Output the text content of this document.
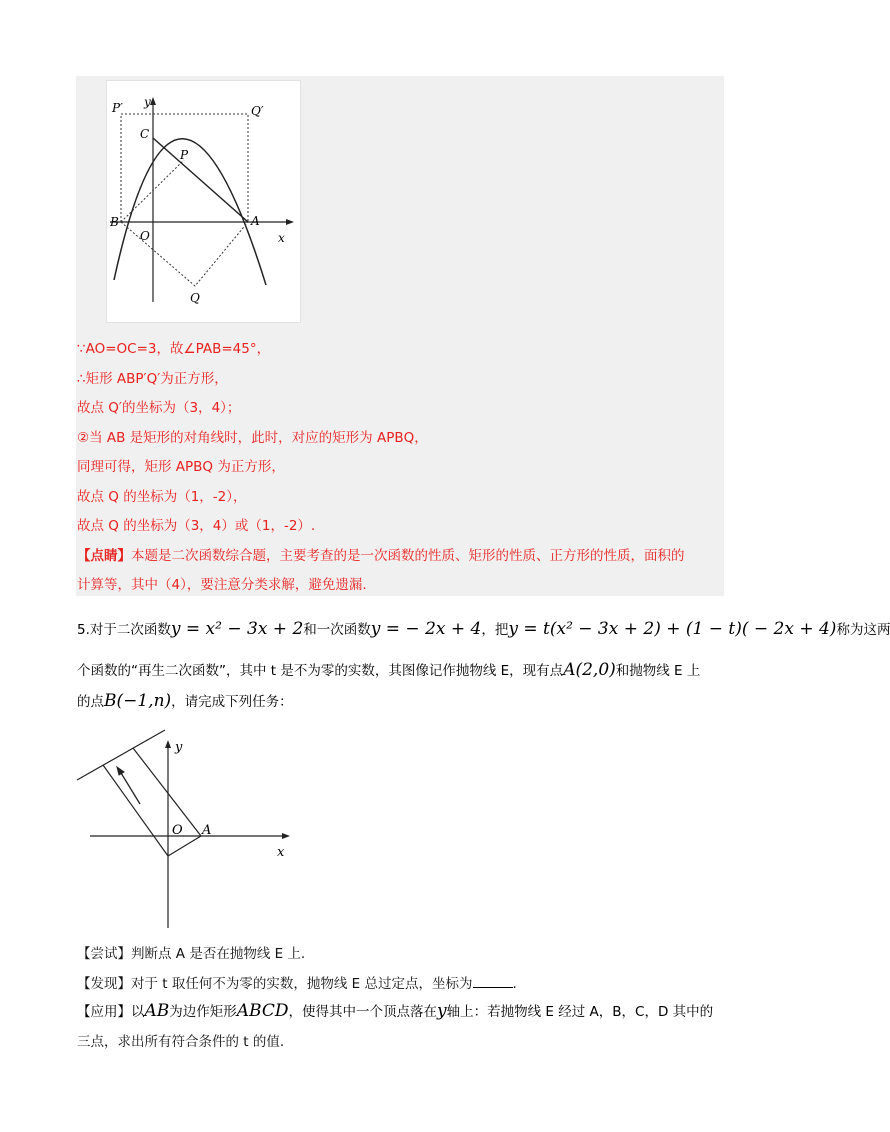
P′ y
Q′
C
P
B	A
O	x
Q
∵AO=OC=3，故∠PAB=45°，
∴矩形 ABP′Q′为正方形，
故点 Q′的坐标为（3，4）；
②当 AB 是矩形的对角线时，此时，对应的矩形为 APBQ，
同理可得，矩形 APBQ 为正方形，
故点 Q 的坐标为（1，-2），
故点 Q 的坐标为（3，4）或（1，-2）.
【点睛】本题是二次函数综合题，主要考查的是一次函数的性质、矩形的性质、正方形的性质，面积的
计算等，其中（4），要注意分类求解，避免遗漏.
5.对于二次函数y = x² − 3x + 2和一次函数y = − 2x + 4，把y = t(x² − 3x + 2) + (1 − t)( − 2x + 4)称为这两
个函数的“再生二次函数”，其中 t 是不为零的实数，其图像记作抛物线 E，现有点A(2,0)和抛物线 E 上
的点B(−1,n)，请完成下列任务：
y
O A
x
【尝试】判断点 A 是否在抛物线 E 上.
【发现】对于 t 取任何不为零的实数，抛物线 E 总过定点，坐标为	.
【应用】以AB为边作矩形ABCD，使得其中一个顶点落在y轴上：若抛物线 E 经过 A，B，C，D 其中的
三点，求出所有符合条件的 t 的值.
